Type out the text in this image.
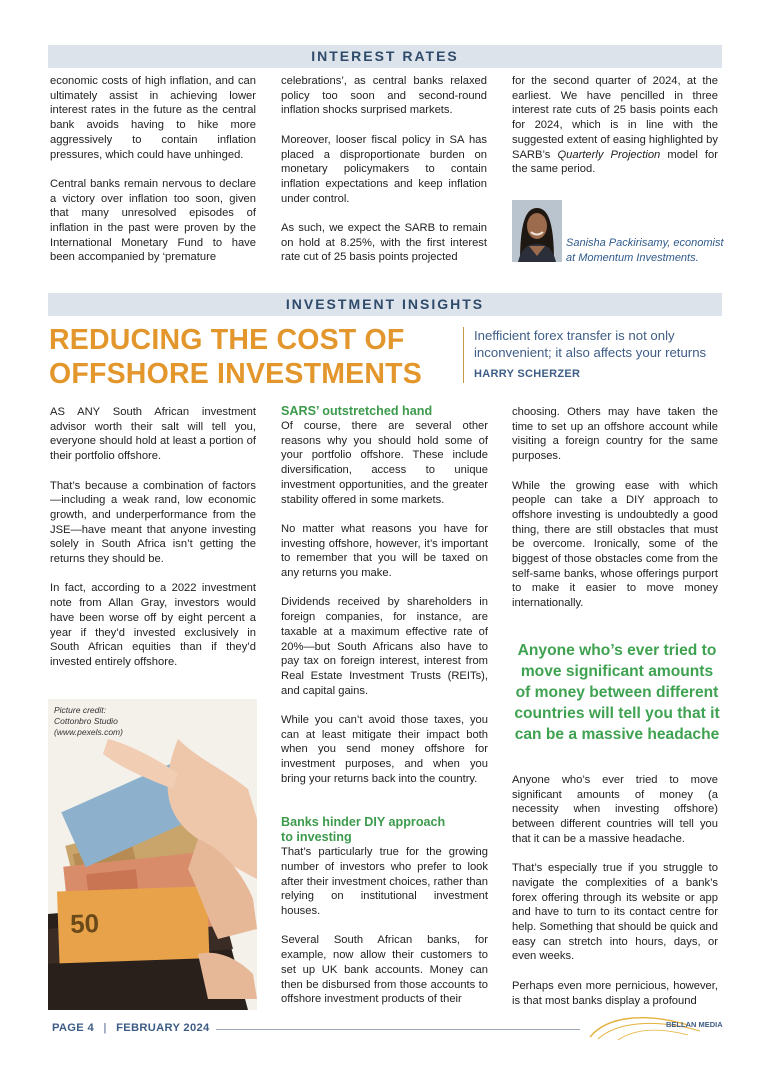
INTEREST RATES

economic costs of high inflation, and can ultimately assist in achieving lower interest rates in the future as the central bank avoids having to hike more aggressively to contain inflation pressures, which could have unhinged.

Central banks remain nervous to declare a victory over inflation too soon, given that many unresolved episodes of inflation in the past were proven by the International Monetary Fund to have been accompanied by ‘premature

celebrations’, as central banks relaxed policy too soon and second-round inflation shocks surprised markets.

Moreover, looser fiscal policy in SA has placed a disproportionate burden on monetary policymakers to contain inflation expectations and keep inflation under control.

As such, we expect the SARB to remain on hold at 8.25%, with the first interest rate cut of 25 basis points projected

for the second quarter of 2024, at the earliest. We have pencilled in three interest rate cuts of 25 basis points each for 2024, which is in line with the suggested extent of easing highlighted by SARB’s Quarterly Projection model for the same period.

Sanisha Packirisamy, economist
at Momentum Investments.
INVESTMENT INSIGHTS
REDUCING THE COST OF
OFFSHORE INVESTMENTS
Inefficient forex transfer is not only inconvenient; it also affects your returns
HARRY SCHERZER

AS ANY South African investment advisor worth their salt will tell you, everyone should hold at least a portion of their portfolio offshore.

That’s because a combination of factors—including a weak rand, low economic growth, and underperformance from the JSE—have meant that anyone investing solely in South Africa isn’t getting the returns they should be.

In fact, according to a 2022 investment note from Allan Gray, investors would have been worse off by eight percent a year if they’d invested exclusively in South African equities than if they’d invested entirely offshore.

50
Picture credit:
Cottonbro Studio
(www.pexels.com)
SARS’ outstretched hand

Of course, there are several other reasons why you should hold some of your portfolio offshore. These include diversification, access to unique investment opportunities, and the greater stability offered in some markets.

No matter what reasons you have for investing offshore, however, it’s important to remember that you will be taxed on any returns you make.

Dividends received by shareholders in foreign companies, for instance, are taxable at a maximum effective rate of 20%—but South Africans also have to pay tax on foreign interest, interest from Real Estate Investment Trusts (REITs), and capital gains.

While you can’t avoid those taxes, you can at least mitigate their impact both when you send money offshore for investment purposes, and when you bring your returns back into the country.

Banks hinder DIY approach
to investing

That’s particularly true for the growing number of investors who prefer to look after their investment choices, rather than relying on institutional investment houses.

Several South African banks, for example, now allow their customers to set up UK bank accounts. Money can then be disbursed from those accounts to offshore investment products of their

choosing. Others may have taken the time to set up an offshore account while visiting a foreign country for the same purposes.

While the growing ease with which people can take a DIY approach to offshore investing is undoubtedly a good thing, there are still obstacles that must be overcome. Ironically, some of the biggest of those obstacles come from the self-same banks, whose offerings purport to make it easier to move money internationally.

Anyone who’s ever tried to move significant amounts of money between different countries will tell you that it can be a massive headache

Anyone who’s ever tried to move significant amounts of money (a necessity when investing offshore) between different countries will tell you that it can be a massive headache.

That’s especially true if you struggle to navigate the complexities of a bank’s forex offering through its website or app and have to turn to its contact centre for help. Something that should be quick and easy can stretch into hours, days, or even weeks.

Perhaps even more pernicious, however, is that most banks display a profound

PAGE 4 | FEBRUARY 2024	BELLAN MEDIA
